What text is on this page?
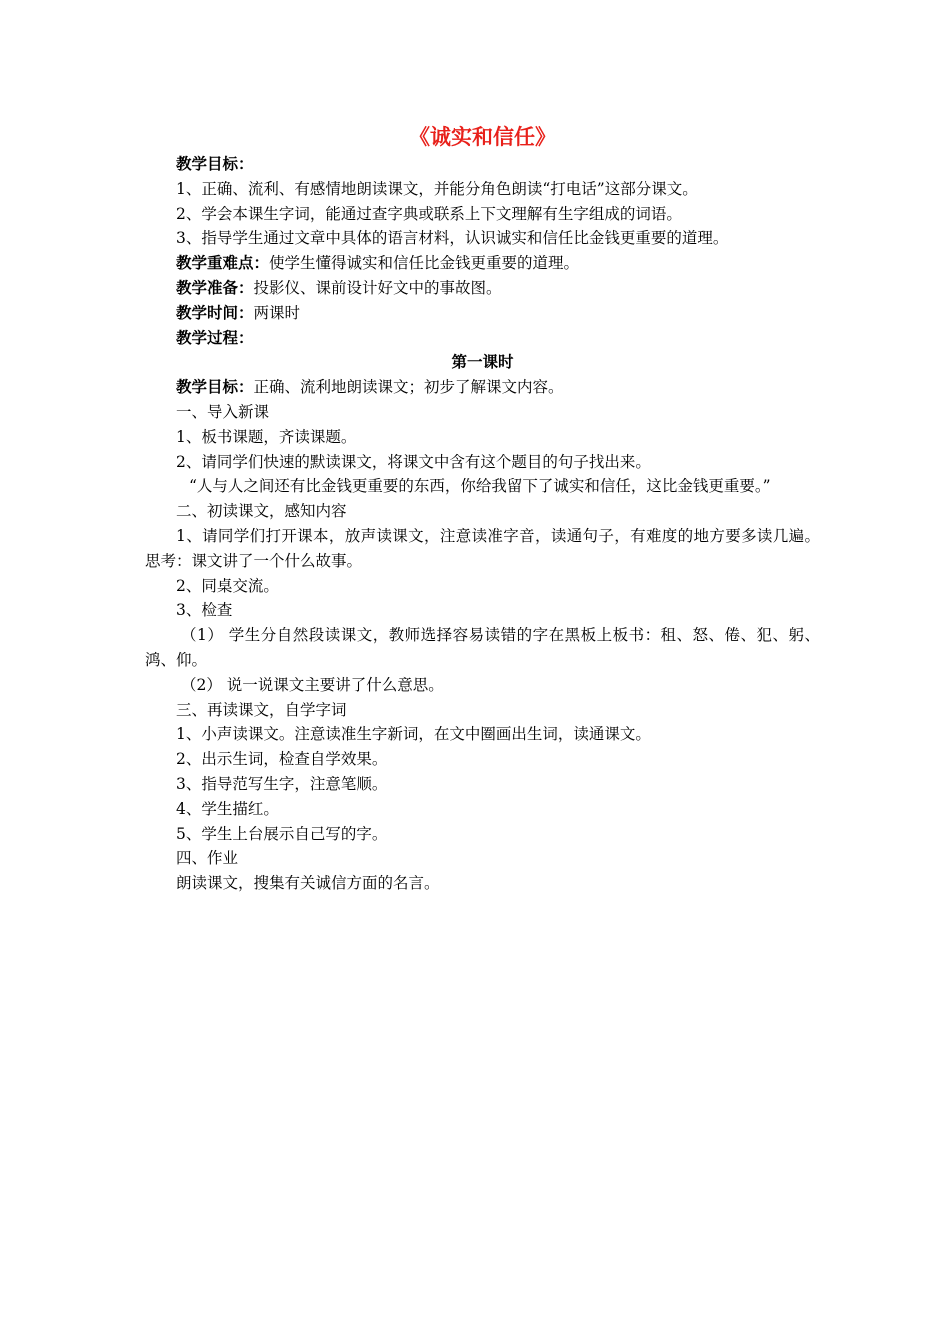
《诚实和信任》

教学目标：

1、正确、流利、有感情地朗读课文，并能分角色朗读“打电话”这部分课文。

2、学会本课生字词，能通过查字典或联系上下文理解有生字组成的词语。

3、指导学生通过文章中具体的语言材料，认识诚实和信任比金钱更重要的道理。

教学重难点：使学生懂得诚实和信任比金钱更重要的道理。

教学准备：投影仪、课前设计好文中的事故图。

教学时间：两课时

教学过程：

第一课时

教学目标：正确、流利地朗读课文；初步了解课文内容。

一、导入新课

1、板书课题，齐读课题。

2、请同学们快速的默读课文，将课文中含有这个题目的句子找出来。

“人与人之间还有比金钱更重要的东西，你给我留下了诚实和信任，这比金钱更重要。”

二、初读课文，感知内容

1、请同学们打开课本，放声读课文，注意读准字音，读通句子，有难度的地方要多读几遍。思考：课文讲了一个什么故事。

2、同桌交流。

3、检查

（1） 学生分自然段读课文，教师选择容易读错的字在黑板上板书：租、怒、倦、犯、躬、鸿、仰。

（2） 说一说课文主要讲了什么意思。

三、再读课文，自学字词

1、小声读课文。注意读准生字新词，在文中圈画出生词，读通课文。

2、出示生词，检查自学效果。

3、指导范写生字，注意笔顺。

4、学生描红。

5、学生上台展示自己写的字。

四、作业

朗读课文，搜集有关诚信方面的名言。
